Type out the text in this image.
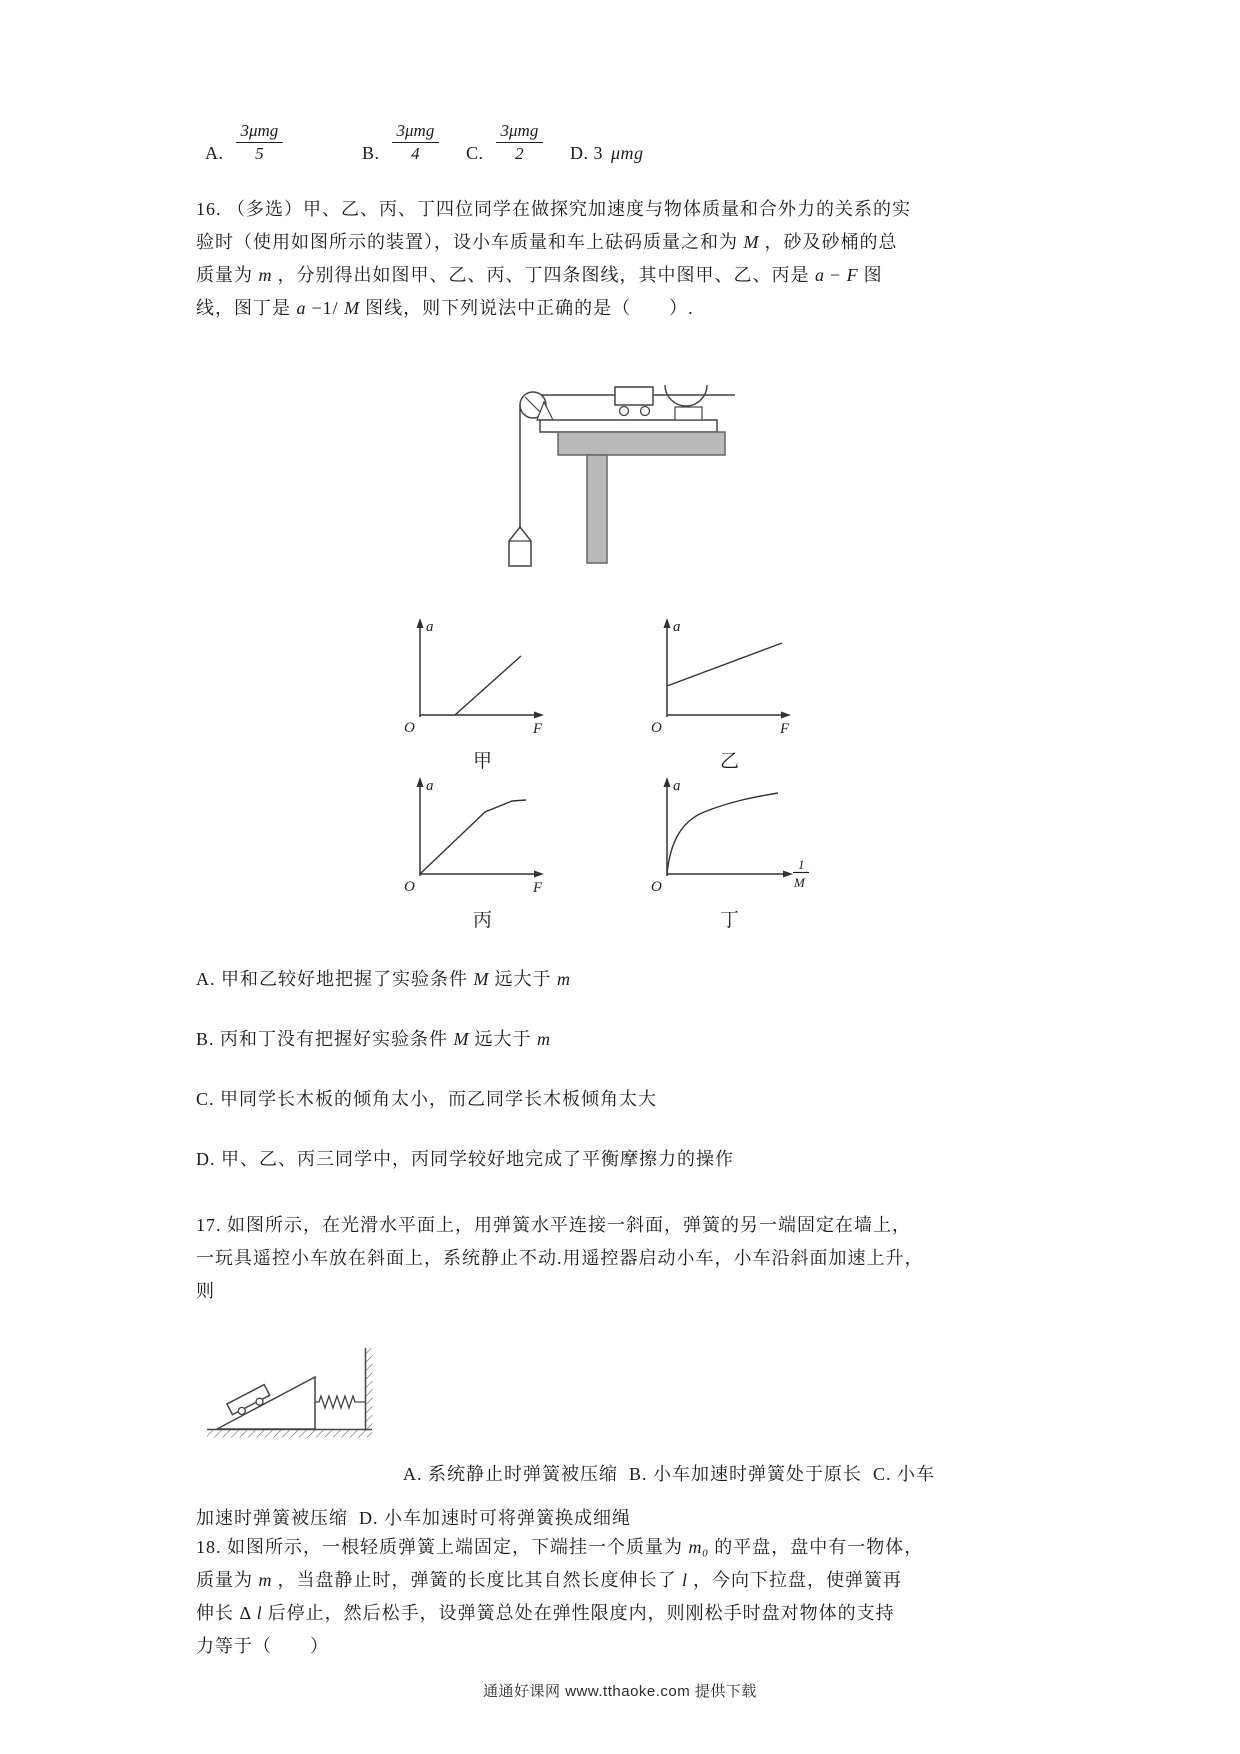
A. $\frac{\text{3μmg}}{5}$	B. $\frac{\text{3μmg}}{4} C$. $\frac{\text{3μmg}}{2} D$. 3 μmg
16. （多选）甲、乙、丙、丁四位同学在做探究加速度与物体质量和合外力的关系的实
验时（使用如图所示的装置），设小车质量和车上砝码质量之和为 M ，砂及砂桶的总
质量为 m ，分别得出如图甲、乙、丙、丁四条图线，其中图甲、乙、丙是 a − F 图
线，图丁是 a −1/ M 图线，则下列说法中正确的是（　　）.
a
O	F
甲
a
O	F
乙
a
O	F
丙
a
O
1
M
丁
A. 甲和乙较好地把握了实验条件 M 远大于 m
B. 丙和丁没有把握好实验条件 M 远大于 m
C. 甲同学长木板的倾角太小，而乙同学长木板倾角太大
D. 甲、乙、丙三同学中，丙同学较好地完成了平衡摩擦力的操作
17. 如图所示，在光滑水平面上，用弹簧水平连接一斜面，弹簧的另一端固定在墙上，
一玩具遥控小车放在斜面上，系统静止不动.用遥控器启动小车，小车沿斜面加速上升，
则
A. 系统静止时弹簧被压缩  B. 小车加速时弹簧处于原长  C. 小车
加速时弹簧被压缩  D. 小车加速时可将弹簧换成细绳
18. 如图所示，一根轻质弹簧上端固定，下端挂一个质量为 m₀ 的平盘，盘中有一物体，
质量为 m ，当盘静止时，弹簧的长度比其自然长度伸长了 l ，今向下拉盘，使弹簧再
伸长 Δ l 后停止，然后松手，设弹簧总处在弹性限度内，则刚松手时盘对物体的支持
力等于（　　）
通通好课网 www.tthaoke.com 提供下载
